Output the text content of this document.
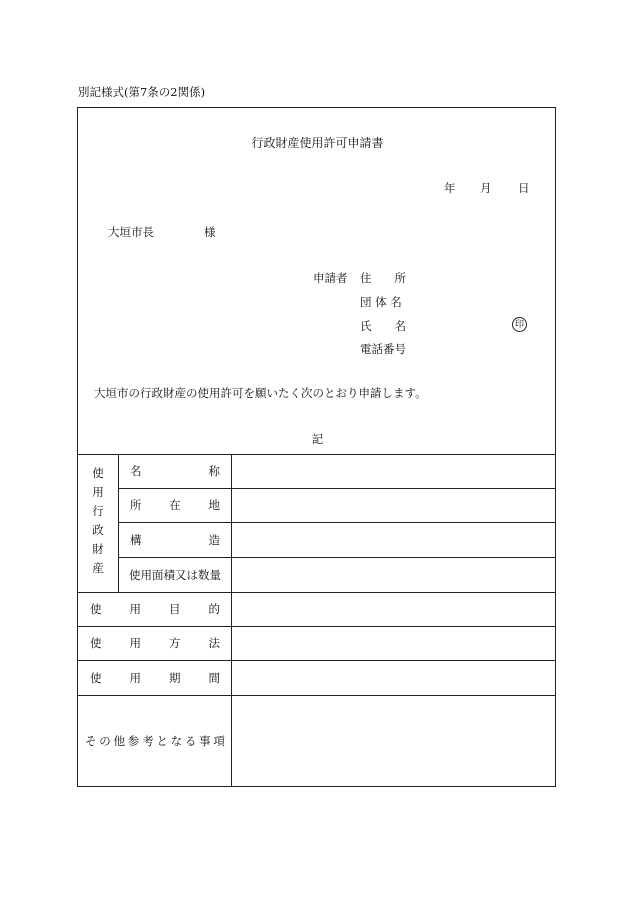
別記様式(第7条の2関係)
行政財産使用許可申請書
年 月 日
大垣市長	様
申請者 住　　所
団 体 名
氏　　名	印
電話番号
大垣市の行政財産の使用許可を願いたく次のとおり申請します。
記
使
用
行
政
財
産
名	称
所 在 地
構	造
使用面積又は数量
使 用 目 的
使 用 方 法
使 用 期 間
そ の 他 参 考 と な る 事 項
